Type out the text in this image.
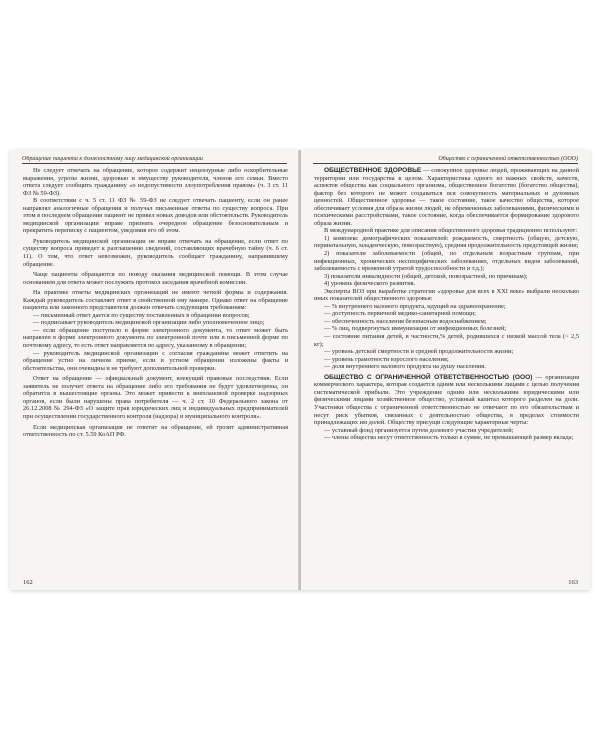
Обращение пациента к должностному лицу медицинской организации

Не следует отвечать на обращение, которое содержит нецензурные либо оскорбительные выражения, угрозы жизни, здоровью и имуществу руководителя, членов его семьи. Вместо ответа следует сообщить гражданину «о недопустимости злоупотребления правом» (ч. 3 ст. 11 ФЗ № 59-ФЗ).

В соответствии с ч. 5 ст. 11 ФЗ № 59-ФЗ не следует отвечать пациенту, если он ранее направлял аналогичные обращения и получал письменные ответы по существу вопроса. При этом в последнем обращении пациент не привел новых доводов или обстоятельств. Руководитель медицинской организации вправе признать очередное обращение безосновательным и прекратить переписку с пациентом, уведомив его об этом.

Руководитель медицинской организации не вправе отвечать на обращение, если ответ по существу вопроса приведет к разглашению сведений, составляющих врачебную тайну (ч. 6 ст. 11). О том, что ответ невозможен, руководитель сообщает гражданину, направившему обращение.

Чаще пациенты обращаются по поводу оказания медицинской помощи. В этом случае основанием для ответа может послужить протокол заседания врачебной комиссии.

На практике ответы медицинских организаций не имеют четкой формы и содержания. Каждый руководитель составляет ответ в свойственной ему манере. Однако ответ на обращение пациента или законного представителя должен отвечать следующим требованиям:

— письменный ответ дается по существу поставленных в обращении вопросов;

— подписывает руководитель медицинской организации либо уполномоченное лицо;

— если обращение поступило в форме электронного документа, то ответ может быть направлен в форме электронного документа по электронной почте или в письменной форме по почтовому адресу, то есть ответ направляется по адресу, указанному в обращении;

— руководитель медицинской организации с согласия гражданина может ответить на обращение устно на личном приеме, если в устном обращении изложены факты и обстоятельства, они очевидны и не требуют дополнительной проверки.

Ответ на обращение — официальный документ, влекущий правовые последствия. Если заявитель не получит ответа на обращение либо его требования не будут удовлетворены, он обратится в вышестоящие органы. Это может привести к внеплановой проверке надзорных органов, если были нарушены права потребителя — ч. 2 ст. 10 Федерального закона от 26.12.2008 № 294-ФЗ «О защите прав юридических лиц и индивидуальных предпринимателей при осуществлении государственного контроля (надзора) и муниципального контроля».

Если медицинская организация не ответит на обращение, ей грозит административная ответственность по ст. 5.59 КоАП РФ.

162
Общество с ограниченной ответственностью (ООО)

ОБЩЕСТВЕННОЕ ЗДОРОВЬЕ — совокупное здоровье людей, проживающих на данной территории или государства в целом. Характеристика одного из важных свойств, качеств, аспектов общества как социального организма, общественное богатство (богатство общества), фактор без которого не может создаваться вся совокупность материальных и духовных ценностей. Общественное здоровье — такое состояние, такое качество общества, которое обеспечивает условия для образа жизни людей, не обремененных заболеваниями, физическими и психическими расстройствами, такое состояние, когда обеспечивается формирование здорового образа жизни.

В международной практике для описания общественного здоровья традиционно используют:

1) комплекс демографических показателей: рождаемость, смертность (общую, детскую, перинатальную, младенческую, повозрастную), средняя продолжительность предстоящей жизни;

2) показатели заболеваемости (общей, по отдельным возрастным группам, при инфекционных, хронических неспецифических заболеваниях, отдельных видов заболеваний, заболеваемость с временной утратой трудоспособности и т.д.);

3) показатели инвалидности (общей, детской, повозрастной, по причинам);

4) уровень физического развития.

Эксперты ВОЗ при выработке стратегии «здоровье для всех в XXI веке» выбрали несколько иных показателей общественного здоровья:

— % внутреннего валового продукта, идущий на здравоохранение;

— доступность первичной медико-санитарной помощи;

— обеспеченность населения безопасным водоснабжением;

— % лиц, подвергнутых иммунизации от инфекционных болезней;

— состояние питания детей, в частности,% детей, родившихся с низкой массой тела (< 2,5 кг);

— уровень детской смертности и средней продолжительности жизни;

— уровень грамотности взрослого населения;

— доля внутреннего валового продукта на душу населения.

ОБЩЕСТВО С ОГРАНИЧЕННОЙ ОТВЕТСТВЕННОСТЬЮ (ООО) — организация коммерческого характера, которая создается одним или несколькими лицами с целью получения систематической прибыли. Это учреждение одним или несколькими юридическими или физическими лицами хозяйственное общество, уставный капитал которого разделен на доли. Участники общества с ограниченной ответственностью не отвечают по его обязательствам и несут риск убытков, связанных с деятельностью общества, в пределах стоимости принадлежащих им долей. Обществу присущи следующие характерные черты:

— уставный фонд организуется путем долевого участия учредителей;

— члены общества несут ответственность только в сумме, не превышающей размер вклада;

163
